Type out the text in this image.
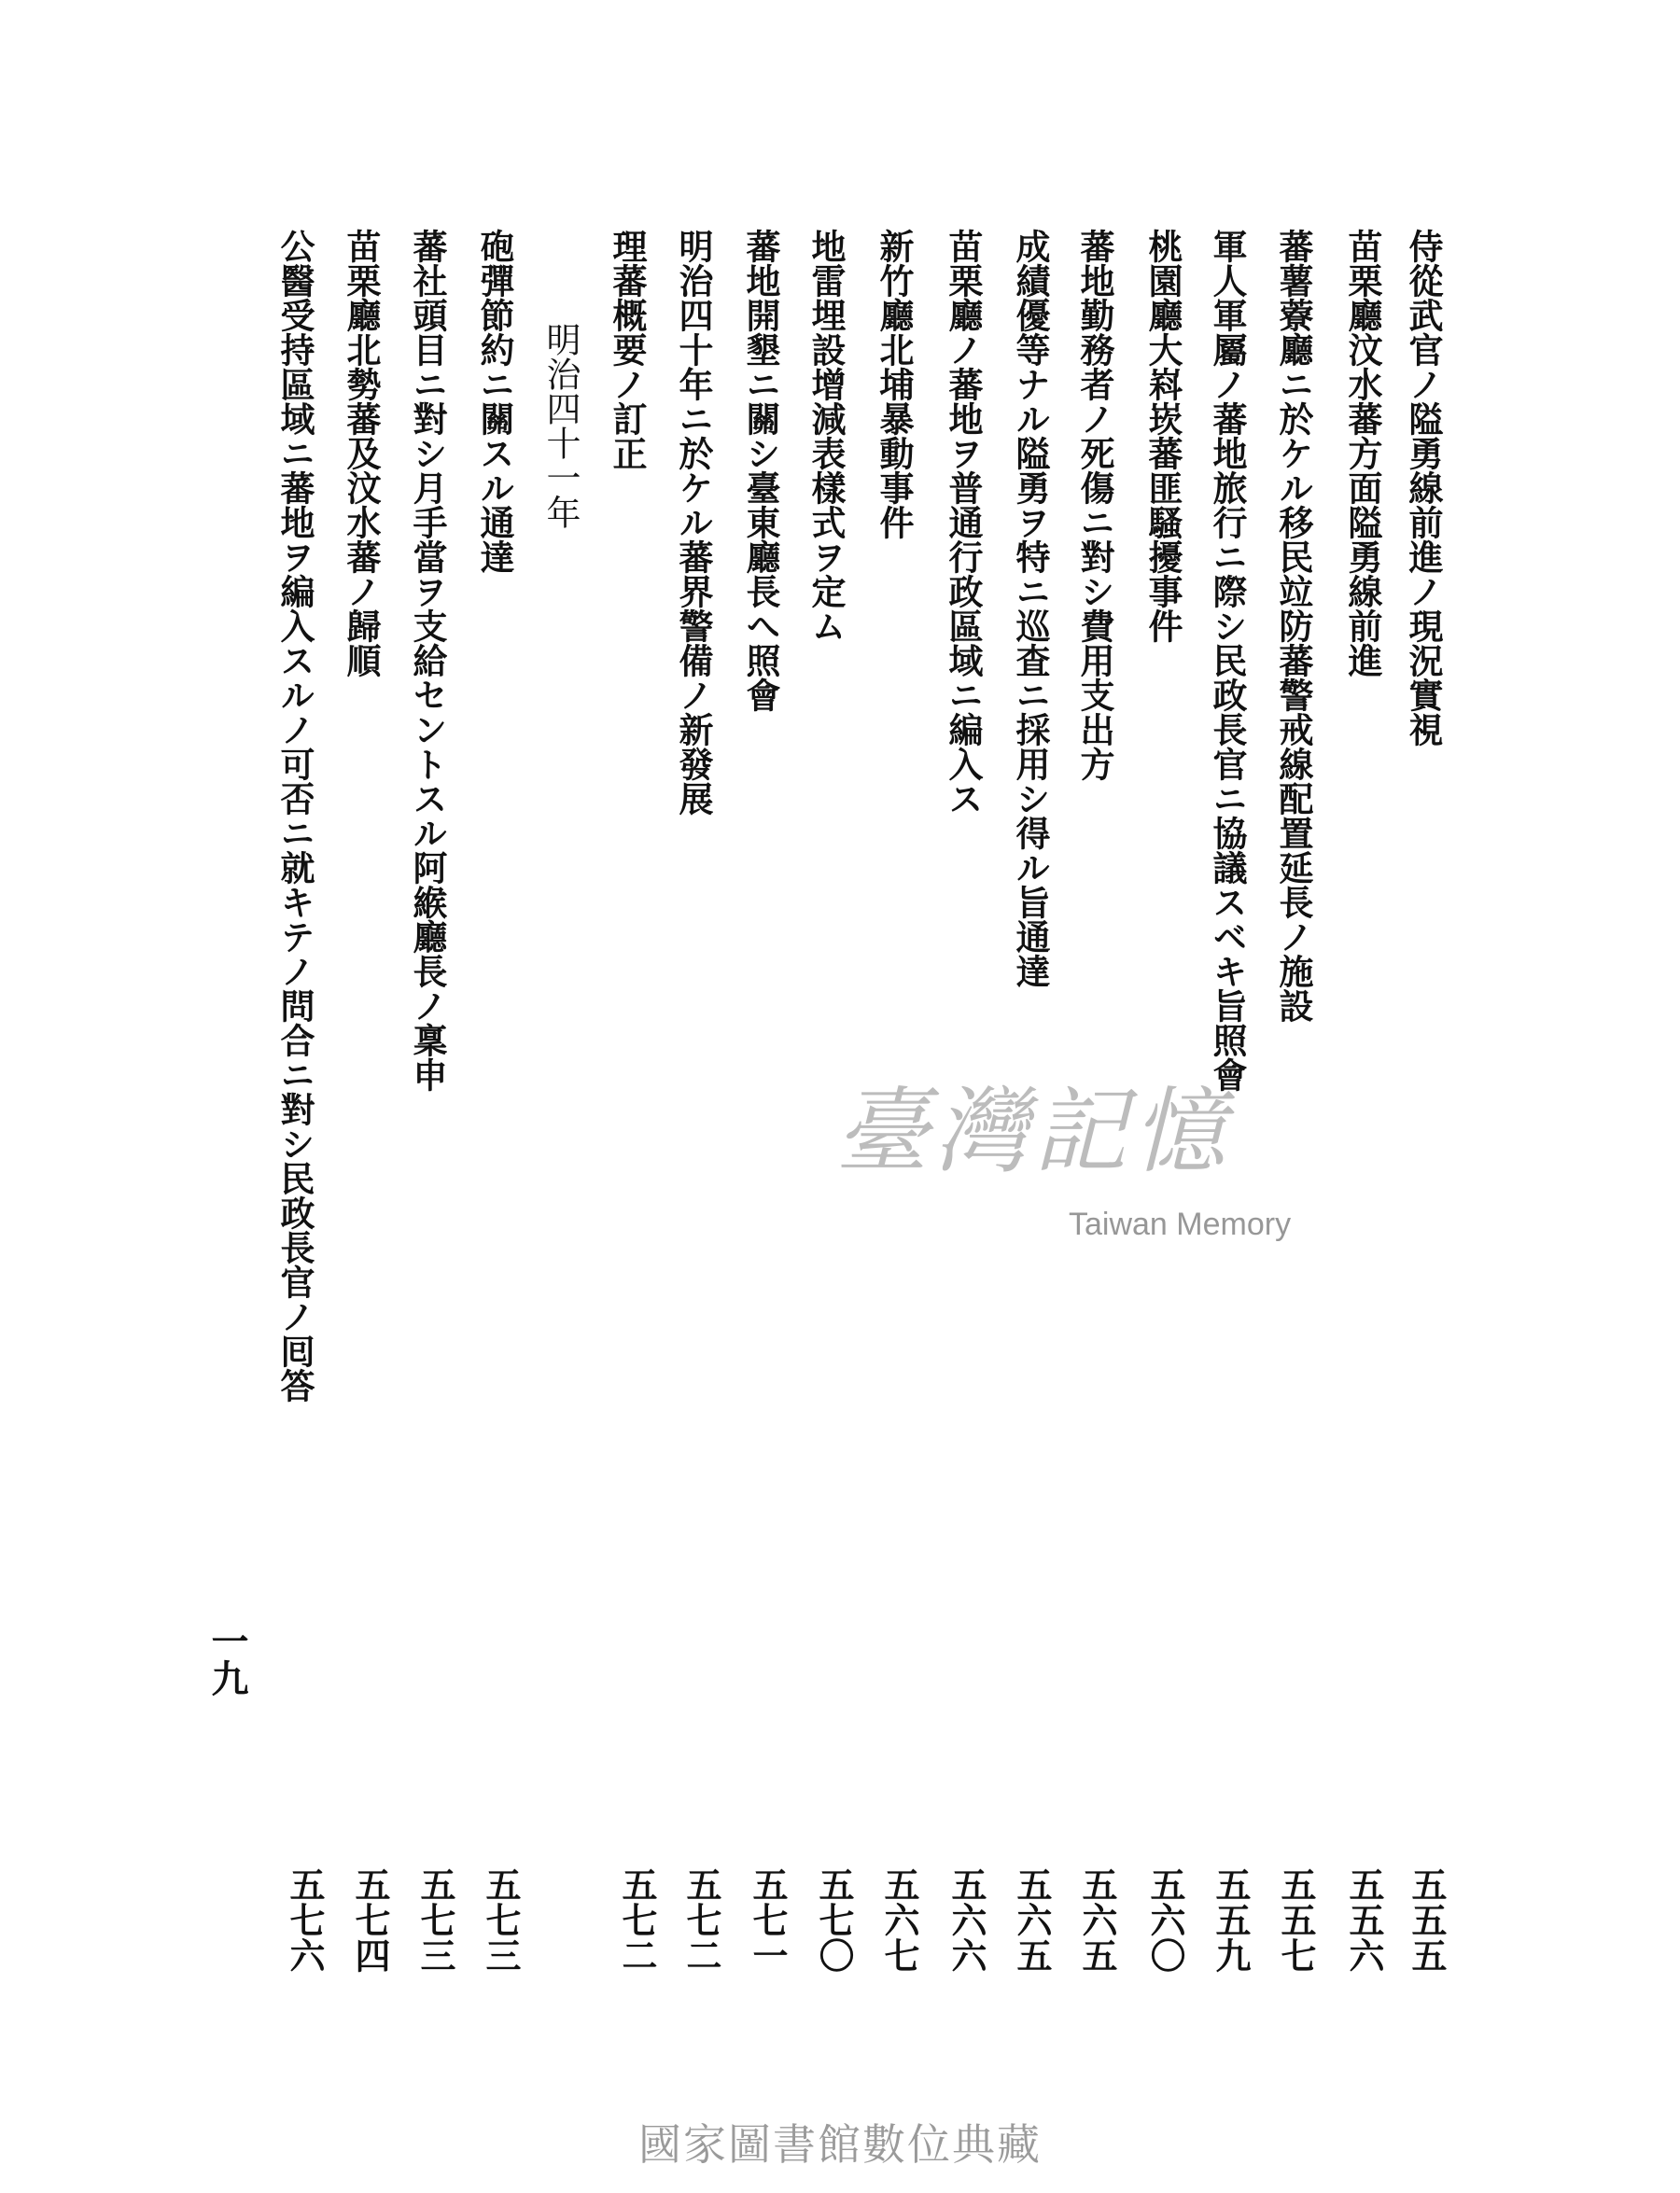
侍從武官ノ隘勇線前進ノ現況實視
苗栗廳汶水蕃方面隘勇線前進
蕃薯藔廳ニ於ケル移民竝防蕃警戒線配置延長ノ施設
軍人軍屬ノ蕃地旅行ニ際シ民政長官ニ協議スベキ旨照會
桃園廳大嵙崁蕃匪騷擾事件
蕃地勤務者ノ死傷ニ對シ費用支出方
成績優等ナル隘勇ヲ特ニ巡査ニ採用シ得ル旨通達
苗栗廳ノ蕃地ヲ普通行政區域ニ編入ス
新竹廳北埔暴動事件
地雷埋設增減表樣式ヲ定ム
蕃地開墾ニ關シ臺東廳長へ照會
明治四十年ニ於ケル蕃界警備ノ新發展
理蕃概要ノ訂正
明治四十一年
砲彈節約ニ關スル通達
蕃社頭目ニ對シ月手當ヲ支給セントスル阿緱廳長ノ稟申
苗栗廳北勢蕃及汶水蕃ノ歸順
公醫受持區域ニ蕃地ヲ編入スルノ可否ニ就キテノ問合ニ對シ民政長官ノ囘答
五五五
五五六
五五七
五五九
五六〇
五六五
五六五
五六六
五六七
五七〇
五七一
五七二
五七二
五七三
五七三
五七四
五七六
一九
臺灣記憶
Taiwan Memory
國家圖書館數位典藏
